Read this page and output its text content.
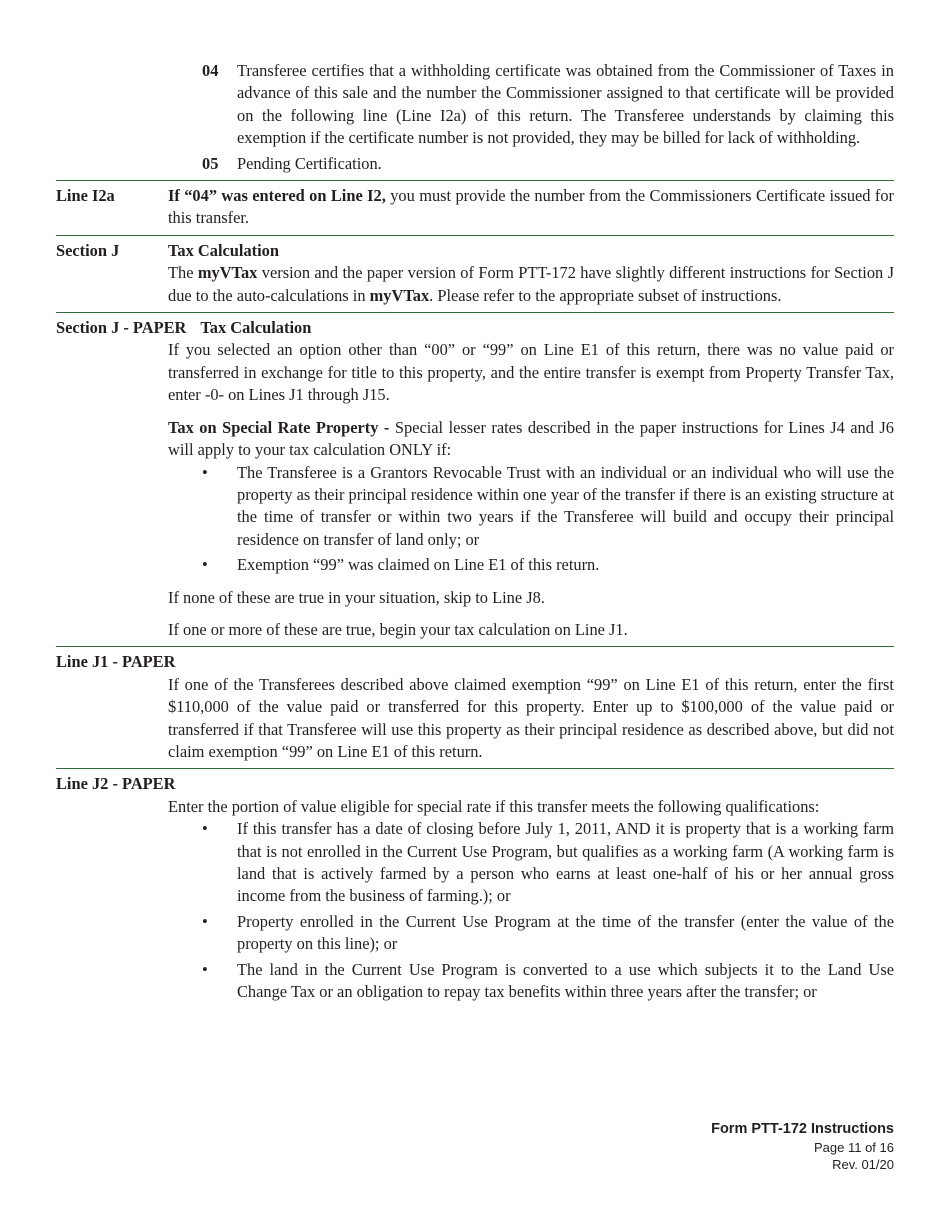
04	Transferee certifies that a withholding certificate was obtained from the Commissioner of Taxes in advance of this sale and the number the Commissioner assigned to that certificate will be provided on the following line (Line I2a) of this return. The Transferee understands by claiming this exemption if the certificate number is not provided, they may be billed for lack of withholding.
05	Pending Certification.
Line I2a	If “04” was entered on Line I2, you must provide the number from the Commissioners Certificate issued for this transfer.

Section J	Tax Calculation

The myVTax version and the paper version of Form PTT-172 have slightly different instructions for Section J due to the auto-calculations in myVTax. Please refer to the appropriate subset of instructions.

Section J - PAPER Tax Calculation

If you selected an option other than “00” or “99” on Line E1 of this return, there was no value paid or transferred in exchange for title to this property, and the entire transfer is exempt from Property Transfer Tax, enter -0- on Lines J1 through J15.

Tax on Special Rate Property - Special lesser rates described in the paper instructions for Lines J4 and J6 will apply to your tax calculation ONLY if:

•	The Transferee is a Grantors Revocable Trust with an individual or an individual who will use the property as their principal residence within one year of the transfer if there is an existing structure at the time of transfer or within two years if the Transferee will build and occupy their principal residence on transfer of land only; or
•	Exemption “99” was claimed on Line E1 of this return.

If none of these are true in your situation, skip to Line J8.

If one or more of these are true, begin your tax calculation on Line J1.

Line J1 - PAPER

If one of the Transferees described above claimed exemption “99” on Line E1 of this return, enter the first $110,000 of the value paid or transferred for this property. Enter up to $100,000 of the value paid or transferred if that Transferee will use this property as their principal residence as described above, but did not claim exemption “99” on Line E1 of this return.

Line J2 - PAPER

Enter the portion of value eligible for special rate if this transfer meets the following qualifications:

•	If this transfer has a date of closing before July 1, 2011, AND it is property that is a working farm that is not enrolled in the Current Use Program, but qualifies as a working farm (A working farm is land that is actively farmed by a person who earns at least one-half of his or her annual gross income from the business of farming.); or
•	Property enrolled in the Current Use Program at the time of the transfer (enter the value of the property on this line); or
•	The land in the Current Use Program is converted to a use which subjects it to the Land Use Change Tax or an obligation to repay tax benefits within three years after the transfer; or
Form PTT-172 Instructions
Page 11 of 16
Rev. 01/20
